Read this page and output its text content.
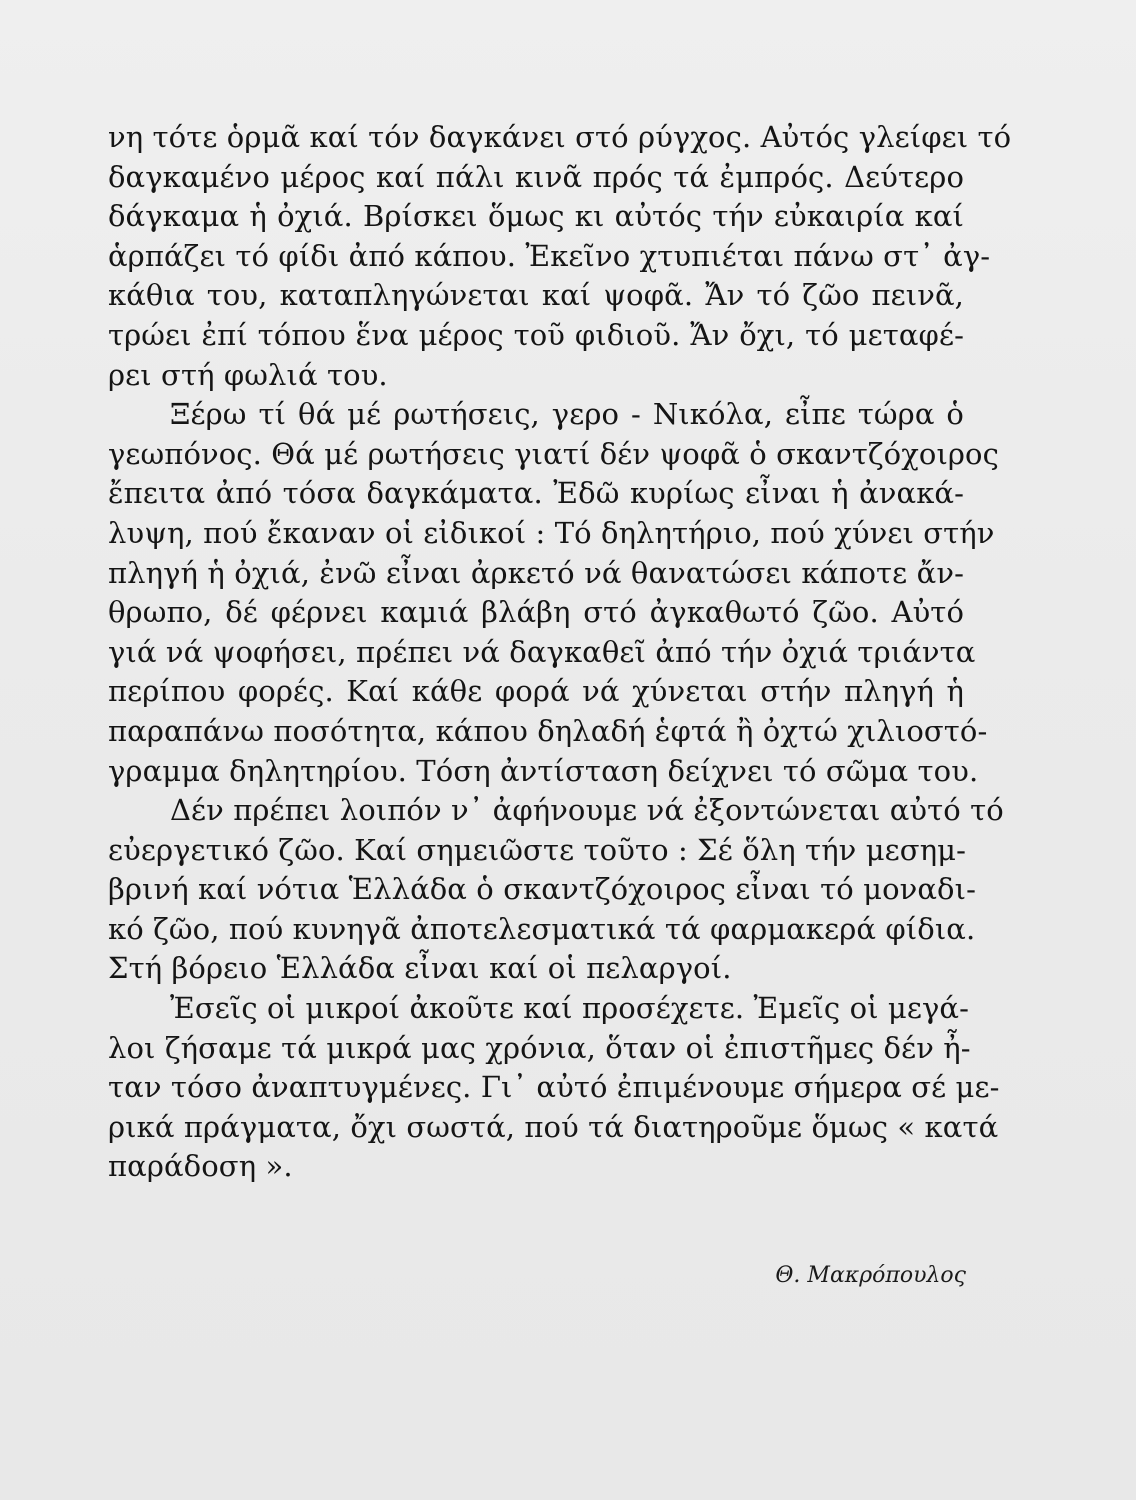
νη τότε ὁρμᾶ καί τόν δαγκάνει στό ρύγχος. Αὐτός γλείφει τό
δαγκαμένο μέρος καί πάλι κινᾶ πρός τά ἐμπρός. Δεύτερο
δάγκαμα ἡ ὀχιά. Βρίσκει ὅμως κι αὐτός τήν εὐκαιρία καί
ἁρπάζει τό φίδι ἀπό κάπου. Ἐκεῖνο χτυπιέται πάνω στ᾽ ἀγ-
κάθια του, καταπληγώνεται καί ψοφᾶ. Ἄν τό ζῶο πεινᾶ,
τρώει ἐπί τόπου ἕνα μέρος τοῦ φιδιοῦ. Ἄν ὄχι, τό μεταφέ-
ρει στή φωλιά του.
Ξέρω τί θά μέ ρωτήσεις, γερο - Νικόλα, εἶπε τώρα ὁ
γεωπόνος. Θά μέ ρωτήσεις γιατί δέν ψοφᾶ ὁ σκαντζόχοιρος
ἔπειτα ἀπό τόσα δαγκάματα. Ἐδῶ κυρίως εἶναι ἡ ἀνακά-
λυψη, πού ἔκαναν οἱ εἰδικοί : Τό δηλητήριο, πού χύνει στήν
πληγή ἡ ὀχιά, ἐνῶ εἶναι ἀρκετό νά θανατώσει κάποτε ἄν-
θρωπο, δέ φέρνει καμιά βλάβη στό ἀγκαθωτό ζῶο. Αὐτό
γιά νά ψοφήσει, πρέπει νά δαγκαθεῖ ἀπό τήν ὀχιά τριάντα
περίπου φορές. Καί κάθε φορά νά χύνεται στήν πληγή ἡ
παραπάνω ποσότητα, κάπου δηλαδή ἑφτά ἢ ὀχτώ χιλιοστό-
γραμμα δηλητηρίου. Τόση ἀντίσταση δείχνει τό σῶμα του.
Δέν πρέπει λοιπόν ν᾽ ἀφήνουμε νά ἐξοντώνεται αὐτό τό
εὐεργετικό ζῶο. Καί σημειῶστε τοῦτο : Σέ ὅλη τήν μεσημ-
βρινή καί νότια Ἑλλάδα ὁ σκαντζόχοιρος εἶναι τό μοναδι-
κό ζῶο, πού κυνηγᾶ ἀποτελεσματικά τά φαρμακερά φίδια.
Στή βόρειο Ἑλλάδα εἶναι καί οἱ πελαργοί.
Ἐσεῖς οἱ μικροί ἀκοῦτε καί προσέχετε. Ἐμεῖς οἱ μεγά-
λοι ζήσαμε τά μικρά μας χρόνια, ὅταν οἱ ἐπιστῆμες δέν ἦ-
ταν τόσο ἀναπτυγμένες. Γι᾽ αὐτό ἐπιμένουμε σήμερα σέ με-
ρικά πράγματα, ὄχι σωστά, πού τά διατηροῦμε ὅμως « κατά
παράδοση ».
Θ. Μακρόπουλος
